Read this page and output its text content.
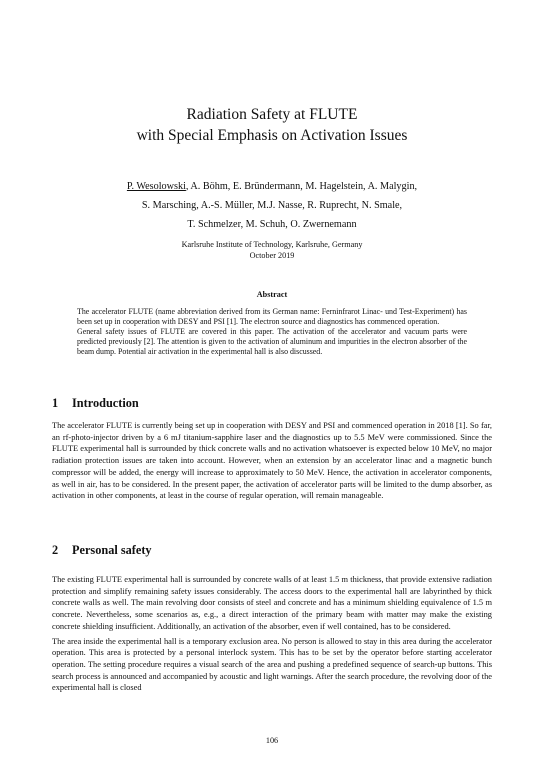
Radiation Safety at FLUTE
with Special Emphasis on Activation Issues
P. Wesolowski, A. Böhm, E. Bründermann, M. Hagelstein, A. Malygin,
S. Marsching, A.-S. Müller, M.J. Nasse, R. Ruprecht, N. Smale,
T. Schmelzer, M. Schuh, O. Zwernemann
Karlsruhe Institute of Technology, Karlsruhe, Germany
October 2019
Abstract

The accelerator FLUTE (name abbreviation derived from its German name: Ferninfrarot Linac- und Test-Experiment) has been set up in cooperation with DESY and PSI [1]. The electron source and diagnostics has commenced operation.

General safety issues of FLUTE are covered in this paper. The activation of the accelerator and vacuum parts were predicted previously [2]. The attention is given to the activation of aluminum and impurities in the electron absorber of the beam dump. Potential air activation in the experimental hall is also discussed.

1 Introduction

The accelerator FLUTE is currently being set up in cooperation with DESY and PSI and commenced operation in 2018 [1]. So far, an rf-photo-injector driven by a 6 mJ titanium-sapphire laser and the diagnostics up to 5.5 MeV were commissioned. Since the FLUTE experimental hall is surrounded by thick concrete walls and no activation whatsoever is expected below 10 MeV, no major radiation protection issues are taken into account. However, when an extension by an accelerator linac and a magnetic bunch compressor will be added, the energy will increase to approximately to 50 MeV. Hence, the activation in accelerator components, as well in air, has to be considered. In the present paper, the activation of accelerator parts will be limited to the dump absorber, as activation in other components, at least in the course of regular operation, will remain manageable.

2 Personal safety

The existing FLUTE experimental hall is surrounded by concrete walls of at least 1.5 m thickness, that provide extensive radiation protection and simplify remaining safety issues considerably. The access doors to the experimental hall are labyrinthed by thick concrete walls as well. The main revolving door consists of steel and concrete and has a minimum shielding equivalence of 1.5 m concrete. Nevertheless, some scenarios as, e.g., a direct interaction of the primary beam with matter may make the existing concrete shielding insufficient. Additionally, an activation of the absorber, even if well contained, has to be considered.

The area inside the experimental hall is a temporary exclusion area. No person is allowed to stay in this area during the accelerator operation. This area is protected by a personal interlock system. This has to be set by the operator before starting accelerator operation. The setting procedure requires a visual search of the area and pushing a predefined sequence of search-up buttons. This search process is announced and accompanied by acoustic and light warnings. After the search procedure, the revolving door of the experimental hall is closed

106
